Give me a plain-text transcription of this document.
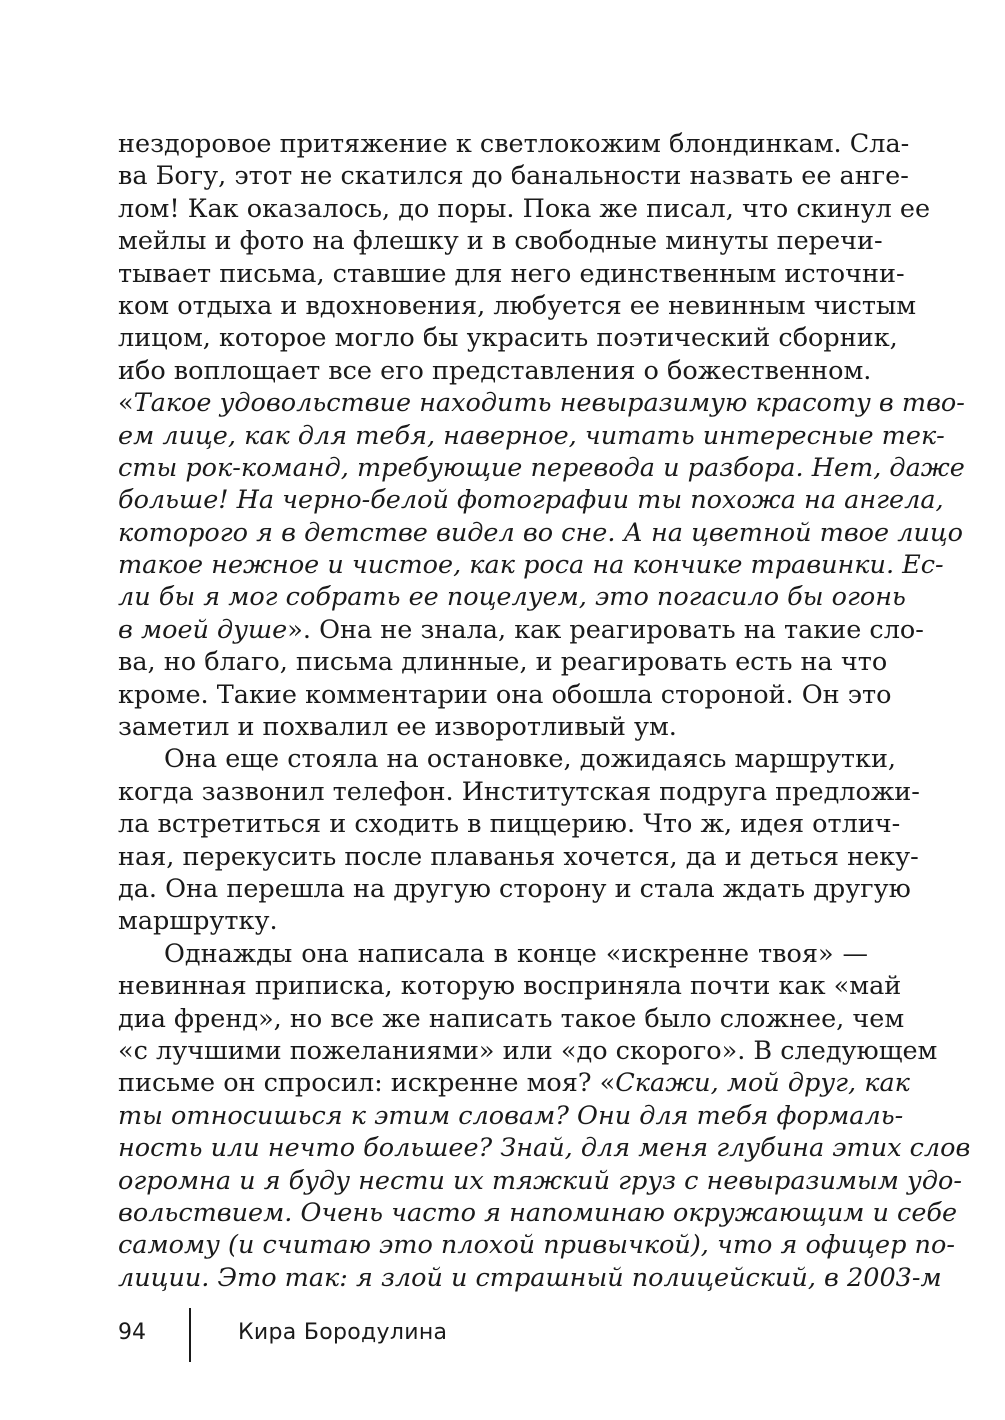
нездоровое притяжение к светлокожим блондинкам. Сла-
ва Богу, этот не скатился до банальности назвать ее анге-
лом! Как оказалось, до поры. Пока же писал, что скинул ее
мейлы и фото на флешку и в свободные минуты перечи-
тывает письма, ставшие для него единственным источни-
ком отдыха и вдохновения, любуется ее невинным чистым
лицом, которое могло бы украсить поэтический сборник,
ибо воплощает все его представления о божественном.
«Такое удовольствие находить невыразимую красоту в тво-
ем лице, как для тебя, наверное, читать интересные тек-
сты рок-команд, требующие перевода и разбора. Нет, даже
больше! На черно-белой фотографии ты похожа на ангела,
которого я в детстве видел во сне. А на цветной твое лицо
такое нежное и чистое, как роса на кончике травинки. Ес-
ли бы я мог собрать ее поцелуем, это погасило бы огонь
в моей душе». Она не знала, как реагировать на такие сло-
ва, но благо, письма длинные, и реагировать есть на что
кроме. Такие комментарии она обошла стороной. Он это
заметил и похвалил ее изворотливый ум.
Она еще стояла на остановке, дожидаясь маршрутки,
когда зазвонил телефон. Институтская подруга предложи-
ла встретиться и сходить в пиццерию. Что ж, идея отлич-
ная, перекусить после плаванья хочется, да и деться неку-
да. Она перешла на другую сторону и стала ждать другую
маршрутку.
Однажды она написала в конце «искренне твоя» —
невинная приписка, которую восприняла почти как «май
диа френд», но все же написать такое было сложнее, чем
«с лучшими пожеланиями» или «до скорого». В следующем
письме он спросил: искренне моя? «Скажи, мой друг, как
ты относишься к этим словам? Они для тебя формаль-
ность или нечто большее? Знай, для меня глубина этих слов
огромна и я буду нести их тяжкий груз с невыразимым удо-
вольствием. Очень часто я напоминаю окружающим и себе
самому (и считаю это плохой привычкой), что я офицер по-
лиции. Это так: я злой и страшный полицейский, в 2003-м
94	Кира Бородулина
